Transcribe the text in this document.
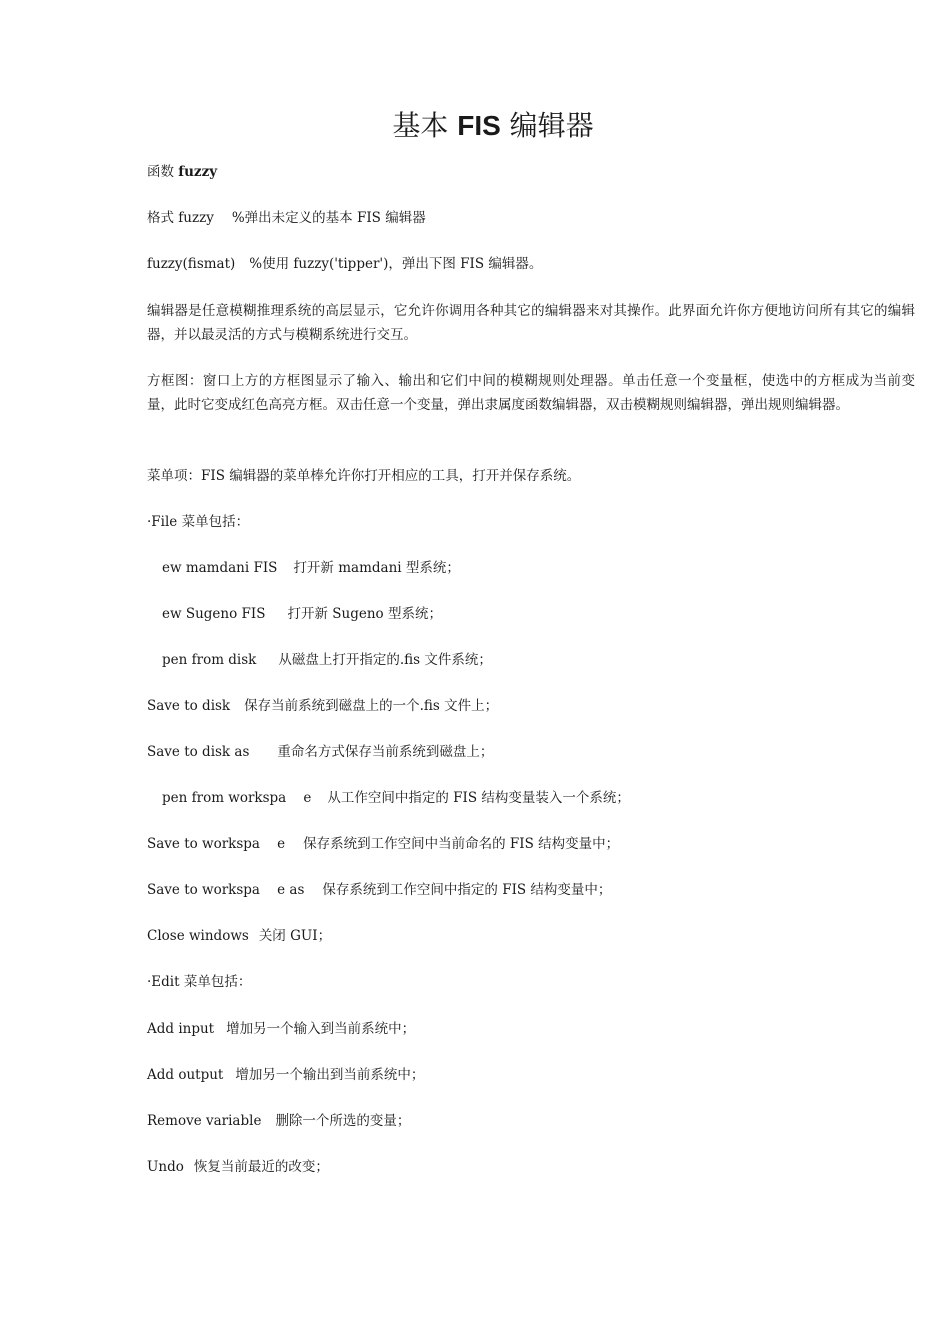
基本 FIS 编辑器

函数 fuzzy

格式 fuzzy %弹出未定义的基本 FIS 编辑器

fuzzy(fismat) %使用 fuzzy('tipper')，弹出下图 FIS 编辑器。

编辑器是任意模糊推理系统的高层显示，它允许你调用各种其它的编辑器来对其操作。此界面允许你方便地访问所有其它的编辑器，并以最灵活的方式与模糊系统进行交互。

方框图：窗口上方的方框图显示了输入、输出和它们中间的模糊规则处理器。单击任意一个变量框，使选中的方框成为当前变量，此时它变成红色高亮方框。双击任意一个变量，弹出隶属度函数编辑器，双击模糊规则编辑器，弹出规则编辑器。

菜单项：FIS 编辑器的菜单棒允许你打开相应的工具，打开并保存系统。

·File 菜单包括：

ew mamdani FIS 打开新 mamdani 型系统；

ew Sugeno FIS 打开新 Sugeno 型系统；

pen from disk 从磁盘上打开指定的.fis 文件系统；

Save to disk 保存当前系统到磁盘上的一个.fis 文件上；

Save to disk as 重命名方式保存当前系统到磁盘上；

pen from workspa    e 从工作空间中指定的 FIS 结构变量装入一个系统；

Save to workspa    e 保存系统到工作空间中当前命名的 FIS 结构变量中；

Save to workspa    e as 保存系统到工作空间中指定的 FIS 结构变量中；

Close windows 关闭 GUI；

·Edit 菜单包括：

Add input 增加另一个输入到当前系统中；

Add output 增加另一个输出到当前系统中；

Remove variable 删除一个所选的变量；

Undo 恢复当前最近的改变；
